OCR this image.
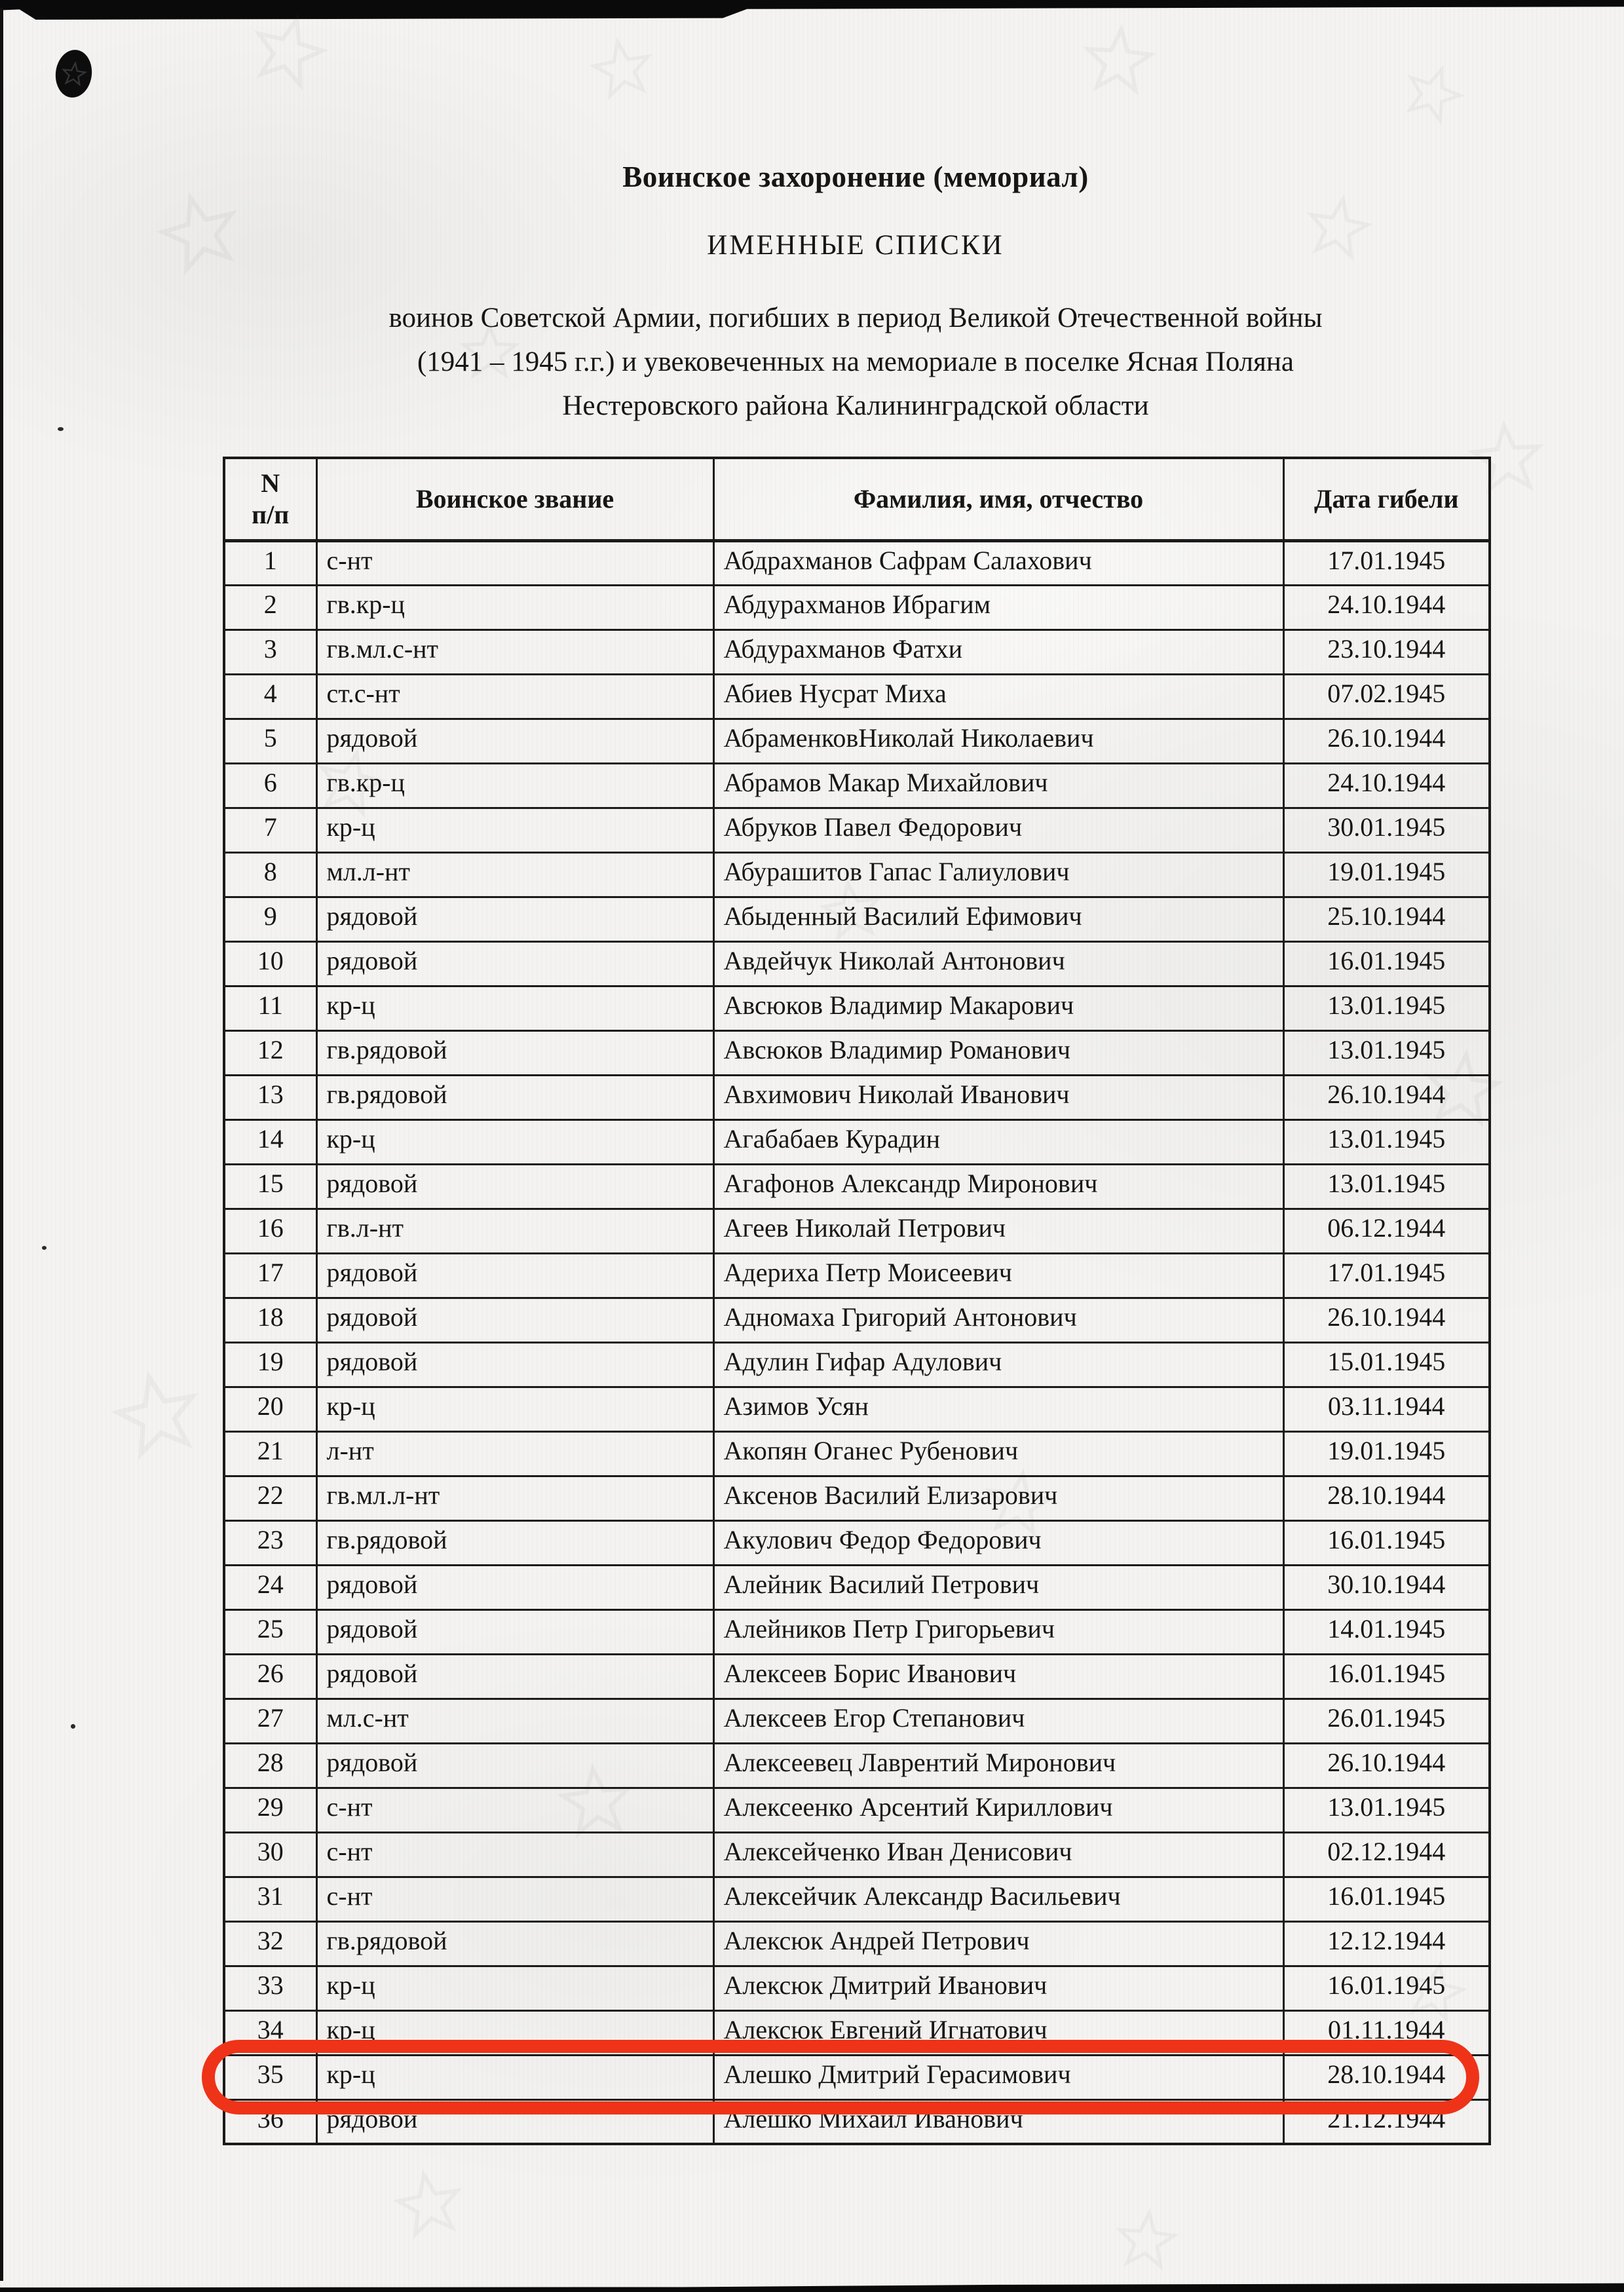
Воинское захоронение (мемориал)
ИМЕННЫЕ СПИСКИ
воинов Советской Армии, погибших в период Великой Отечественной войны
(1941 – 1945 г.г.) и увековеченных на мемориале в поселке Ясная Поляна
Нестеровского района Калининградской области
N
п/п	Воинское звание	Фамилия, имя, отчество	Дата гибели
1	с-нт	Абдрахманов Сафрам Салахович	17.01.1945
2	гв.кр-ц	Абдурахманов Ибрагим	24.10.1944
3	гв.мл.с-нт	Абдурахманов Фатхи	23.10.1944
4	ст.с-нт	Абиев Нусрат Миха	07.02.1945
5	рядовой	АбраменковНиколай Николаевич	26.10.1944
6	гв.кр-ц	Абрамов Макар Михайлович	24.10.1944
7	кр-ц	Абруков Павел Федорович	30.01.1945
8	мл.л-нт	Абурашитов Гапас Галиулович	19.01.1945
9	рядовой	Абыденный Василий Ефимович	25.10.1944
10	рядовой	Авдейчук Николай Антонович	16.01.1945
11	кр-ц	Авсюков Владимир Макарович	13.01.1945
12	гв.рядовой	Авсюков Владимир Романович	13.01.1945
13	гв.рядовой	Авхимович Николай Иванович	26.10.1944
14	кр-ц	Агабабаев Курадин	13.01.1945
15	рядовой	Агафонов Александр Миронович	13.01.1945
16	гв.л-нт	Агеев Николай Петрович	06.12.1944
17	рядовой	Адериха Петр Моисеевич	17.01.1945
18	рядовой	Адномаха Григорий Антонович	26.10.1944
19	рядовой	Адулин Гифар Адулович	15.01.1945
20	кр-ц	Азимов Усян	03.11.1944
21	л-нт	Акопян Оганес Рубенович	19.01.1945
22	гв.мл.л-нт	Аксенов Василий Елизарович	28.10.1944
23	гв.рядовой	Акулович Федор Федорович	16.01.1945
24	рядовой	Алейник Василий Петрович	30.10.1944
25	рядовой	Алейников Петр Григорьевич	14.01.1945
26	рядовой	Алексеев Борис Иванович	16.01.1945
27	мл.с-нт	Алексеев Егор Степанович	26.01.1945
28	рядовой	Алексеевец Лаврентий Миронович	26.10.1944
29	с-нт	Алексеенко Арсентий Кириллович	13.01.1945
30	с-нт	Алексейченко Иван Денисович	02.12.1944
31	с-нт	Алексейчик Александр Васильевич	16.01.1945
32	гв.рядовой	Алексюк Андрей Петрович	12.12.1944
33	кр-ц	Алексюк Дмитрий Иванович	16.01.1945
34	кр-ц	Алексюк Евгений Игнатович	01.11.1944
35	кр-ц	Алешко Дмитрий Герасимович	28.10.1944
36	рядовой	Алешко Михаил Иванович	21.12.1944
